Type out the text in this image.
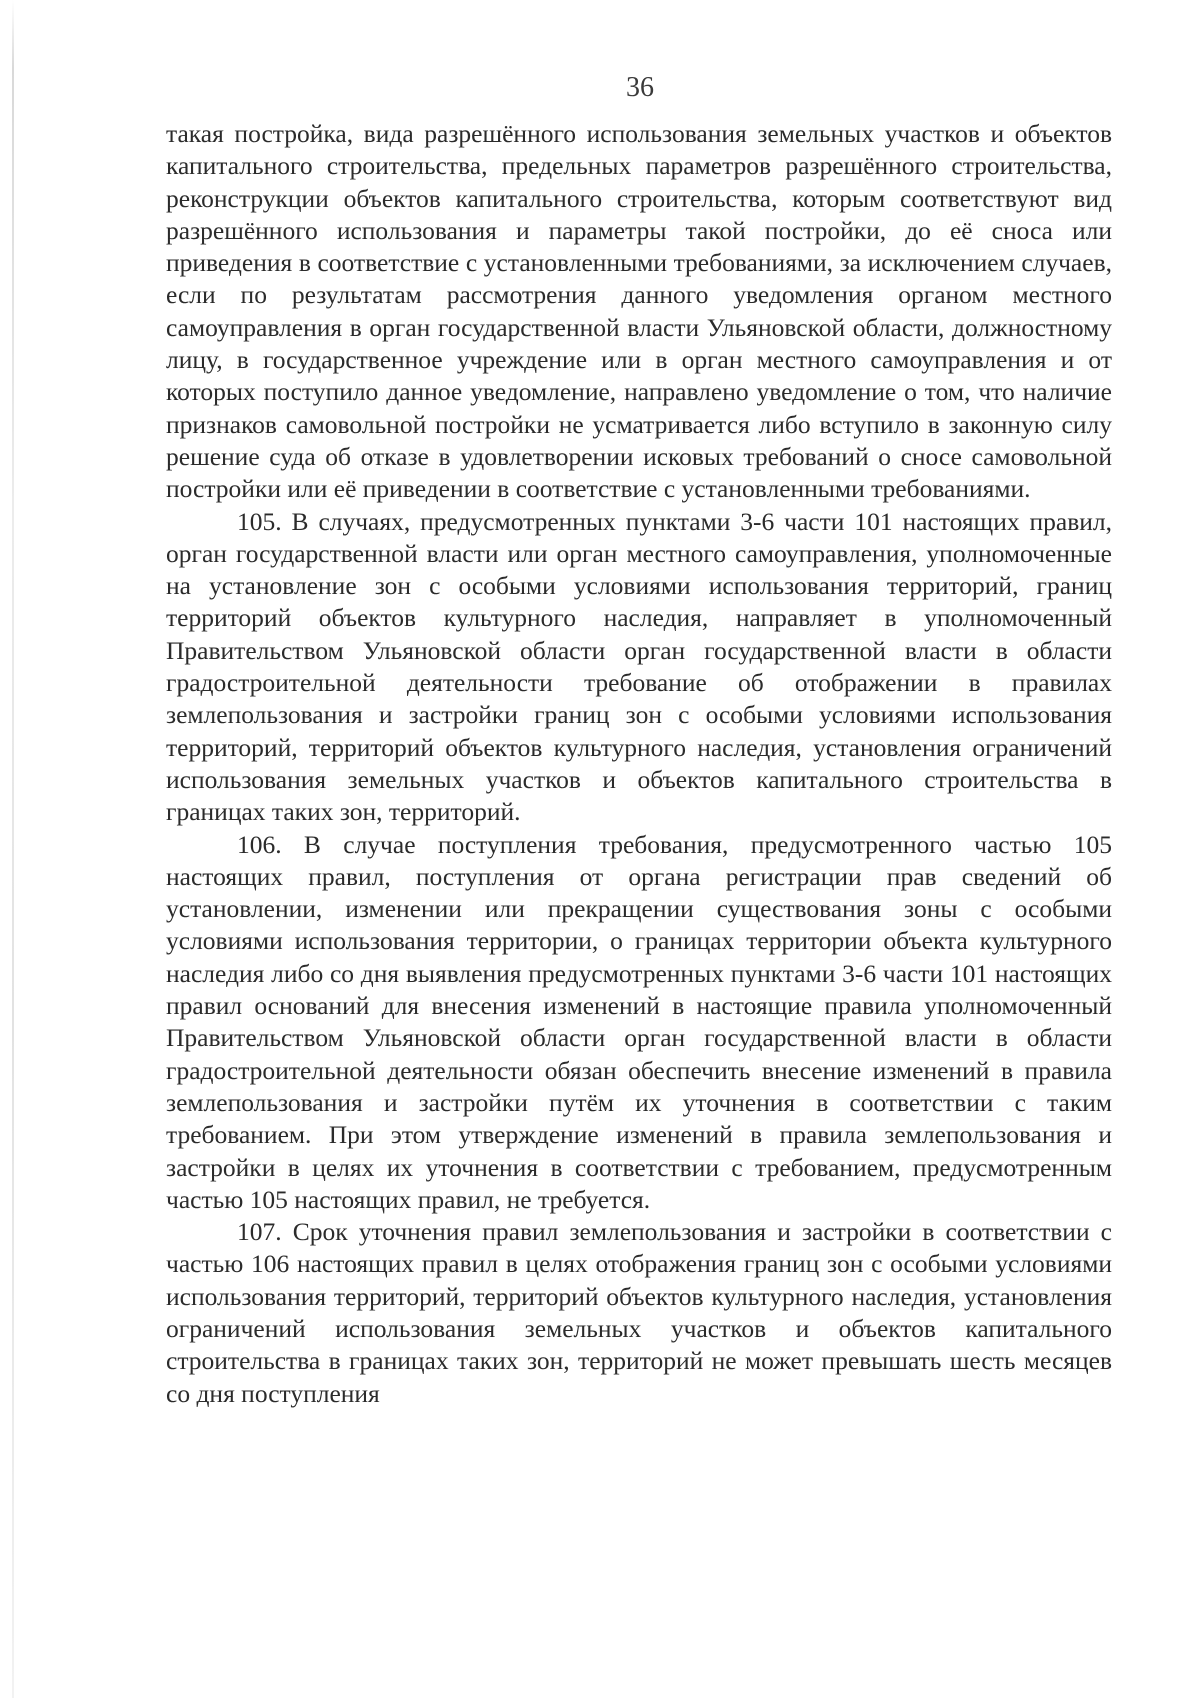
36

такая постройка, вида разрешённого использования земельных участков и объектов капитального строительства, предельных параметров разрешённого строительства, реконструкции объектов капитального строительства, которым соответствуют вид разрешённого использования и параметры такой постройки, до её сноса или приведения в соответствие с установленными требованиями, за исключением случаев, если по результатам рассмотрения данного уведомления органом местного самоуправления в орган государственной власти Ульяновской области, должностному лицу, в государственное учреждение или в орган местного самоуправления и от которых поступило данное уведомление, направлено уведомление о том, что наличие признаков самовольной постройки не усматривается либо вступило в законную силу решение суда об отказе в удовлетворении исковых требований о сносе самовольной постройки или её приведении в соответствие с установленными требованиями.

105. В случаях, предусмотренных пунктами 3-6 части 101 настоящих правил, орган государственной власти или орган местного самоуправления, уполномоченные на установление зон с особыми условиями использования территорий, границ территорий объектов культурного наследия, направляет в уполномоченный Правительством Ульяновской области орган государственной власти в области градостроительной деятельности требование об отображении в правилах землепользования и застройки границ зон с особыми условиями использования территорий, территорий объектов культурного наследия, установления ограничений использования земельных участков и объектов капитального строительства в границах таких зон, территорий.

106. В случае поступления требования, предусмотренного частью 105 настоящих правил, поступления от органа регистрации прав сведений об установлении, изменении или прекращении существования зоны с особыми условиями использования территории, о границах территории объекта культурного наследия либо со дня выявления предусмотренных пунктами 3-6 части 101 настоящих правил оснований для внесения изменений в настоящие правила уполномоченный Правительством Ульяновской области орган государственной власти в области градостроительной деятельности обязан обеспечить внесение изменений в правила землепользования и застройки путём их уточнения в соответствии с таким требованием. При этом утверждение изменений в правила землепользования и застройки в целях их уточнения в соответствии с требованием, предусмотренным частью 105 настоящих правил, не требуется.

107. Срок уточнения правил землепользования и застройки в соответствии с частью 106 настоящих правил в целях отображения границ зон с особыми условиями использования территорий, территорий объектов культурного наследия, установления ограничений использования земельных участков и объектов капитального строительства в границах таких зон, территорий не может превышать шесть месяцев со дня поступления
